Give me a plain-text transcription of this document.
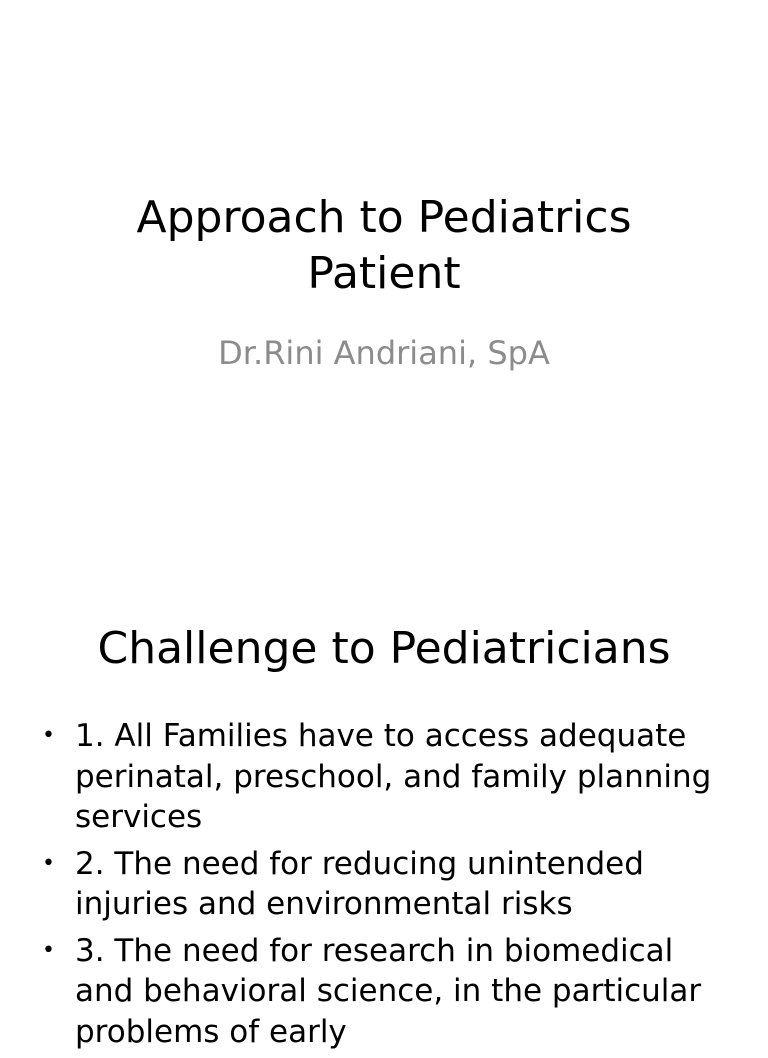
Approach to Pediatrics
Patient

Dr.Rini Andriani, SpA

Challenge to Pediatricians
• 1. All Families have to access adequate perinatal, preschool, and family planning services
• 2. The need for reducing unintended injuries and environmental risks
• 3. The need for research in biomedical and behavioral science, in the particular problems of early
